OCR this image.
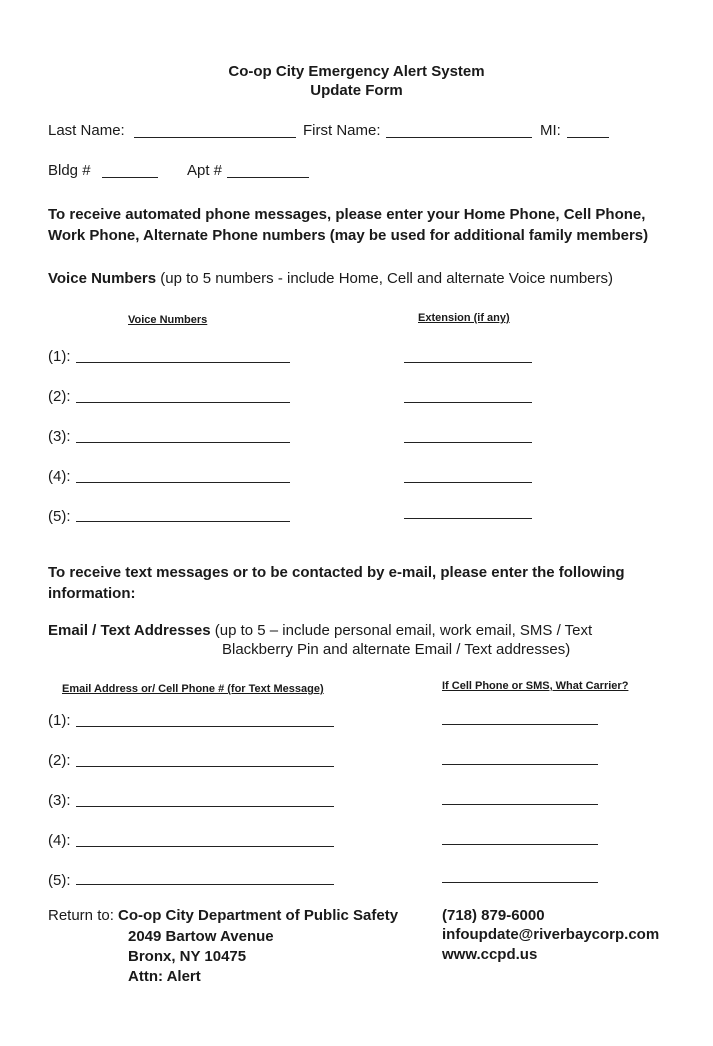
Co-op City Emergency Alert System
Update Form
Last Name:	First Name:	MI:
Bldg #	Apt #
To receive automated phone messages, please enter your Home Phone, Cell Phone, Work Phone, Alternate Phone numbers (may be used for additional family members)
Voice Numbers (up to 5 numbers - include Home, Cell and alternate Voice numbers)
Voice Numbers	Extension (if any)
(1):
(2):
(3):
(4):
(5):
To receive text messages or to be contacted by e-mail, please enter the following information:
Email / Text Addresses (up to 5 – include personal email, work email, SMS / Text
Blackberry Pin and alternate Email / Text addresses)
Email Address or/ Cell Phone # (for Text Message)	If Cell Phone or SMS, What Carrier?
(1):
(2):
(3):
(4):
(5):
Return to: Co-op City Department of Public Safety
2049 Bartow Avenue
Bronx, NY 10475
Attn: Alert
(718) 879-6000
infoupdate@riverbaycorp.com
www.ccpd.us
